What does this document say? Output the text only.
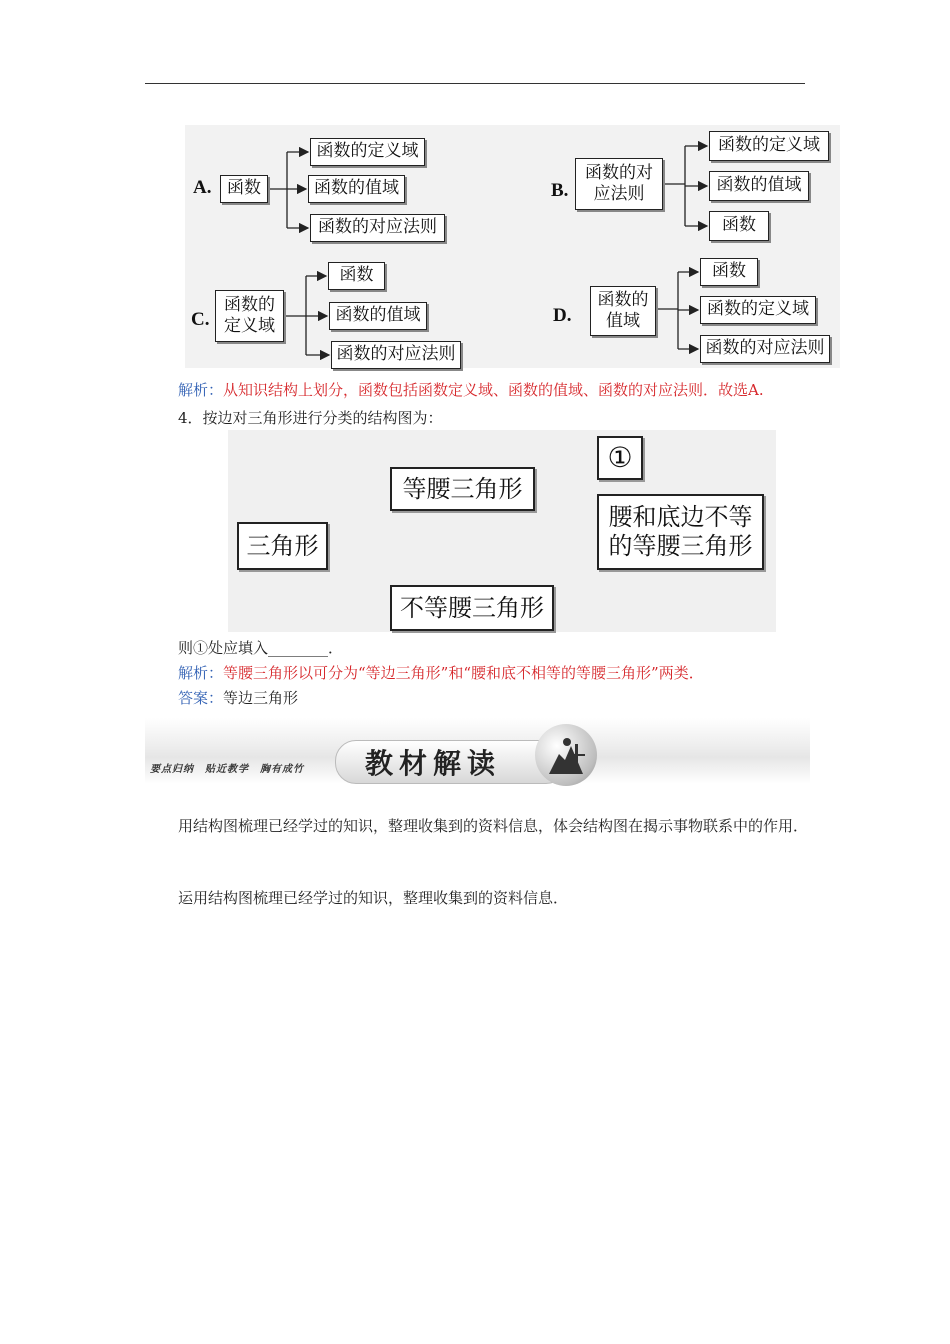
A. 函数
函数的定义域
函数的值域
函数的对应法则
B.
函数的对应法则
函数的定义域
函数的值域
函数
C.
函数的定义域
函数
函数的值域
函数的对应法则
D.
函数的值域
函数
函数的定义域
函数的对应法则
解析：从知识结构上划分，函数包括函数定义域、函数的值域、函数的对应法则．故选A.
4．按边对三角形进行分类的结构图为：
三角形
等腰三角形
①
腰和底边不等的等腰三角形
不等腰三角形
则①处应填入________．
解析：等腰三角形以可分为“等边三角形”和“腰和底不相等的等腰三角形”两类．
答案：等边三角形
要点归纳　贴近教学　胸有成竹 教材解读
用结构图梳理已经学过的知识，整理收集到的资料信息，体会结构图在揭示事物联系中的作用．
运用结构图梳理已经学过的知识，整理收集到的资料信息．
